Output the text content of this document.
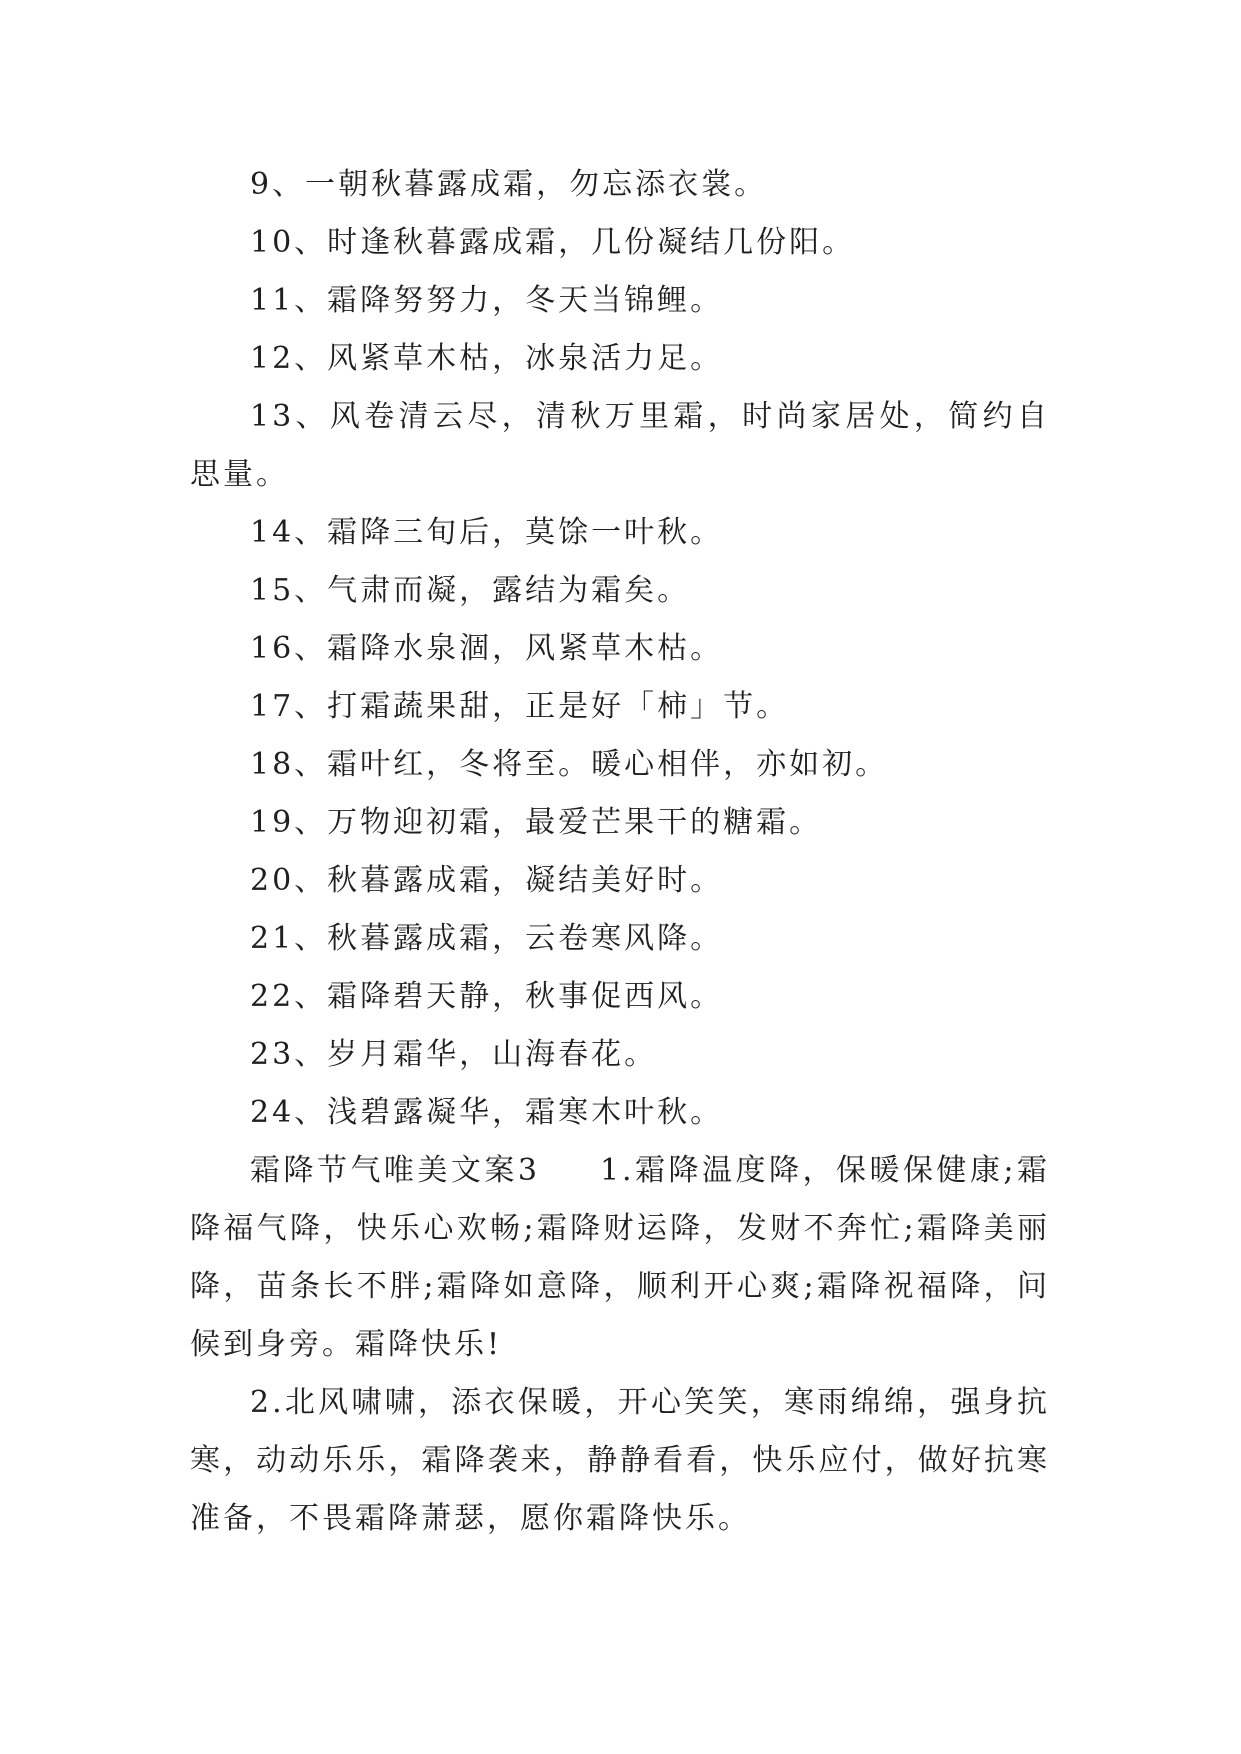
9、一朝秋暮露成霜，勿忘添衣裳。

10、时逢秋暮露成霜，几份凝结几份阳。

11、霜降努努力，冬天当锦鲤。

12、风紧草木枯，冰泉活力足。

13、风卷清云尽，清秋万里霜，时尚家居处，简约自思量。

14、霜降三旬后，莫馀一叶秋。

15、气肃而凝，露结为霜矣。

16、霜降水泉涸，风紧草木枯。

17、打霜蔬果甜，正是好「柿」节。

18、霜叶红，冬将至。暖心相伴，亦如初。

19、万物迎初霜，最爱芒果干的糖霜。

20、秋暮露成霜，凝结美好时。

21、秋暮露成霜，云卷寒风降。

22、霜降碧天静，秋事促西风。

23、岁月霜华，山海春花。

24、浅碧露凝华，霜寒木叶秋。

霜降节气唯美文案3 1.霜降温度降，保暖保健康;霜降福气降，快乐心欢畅;霜降财运降，发财不奔忙;霜降美丽降，苗条长不胖;霜降如意降，顺利开心爽;霜降祝福降，问候到身旁。霜降快乐!

2.北风啸啸，添衣保暖，开心笑笑，寒雨绵绵，强身抗寒，动动乐乐，霜降袭来，静静看看，快乐应付，做好抗寒准备，不畏霜降萧瑟，愿你霜降快乐。
